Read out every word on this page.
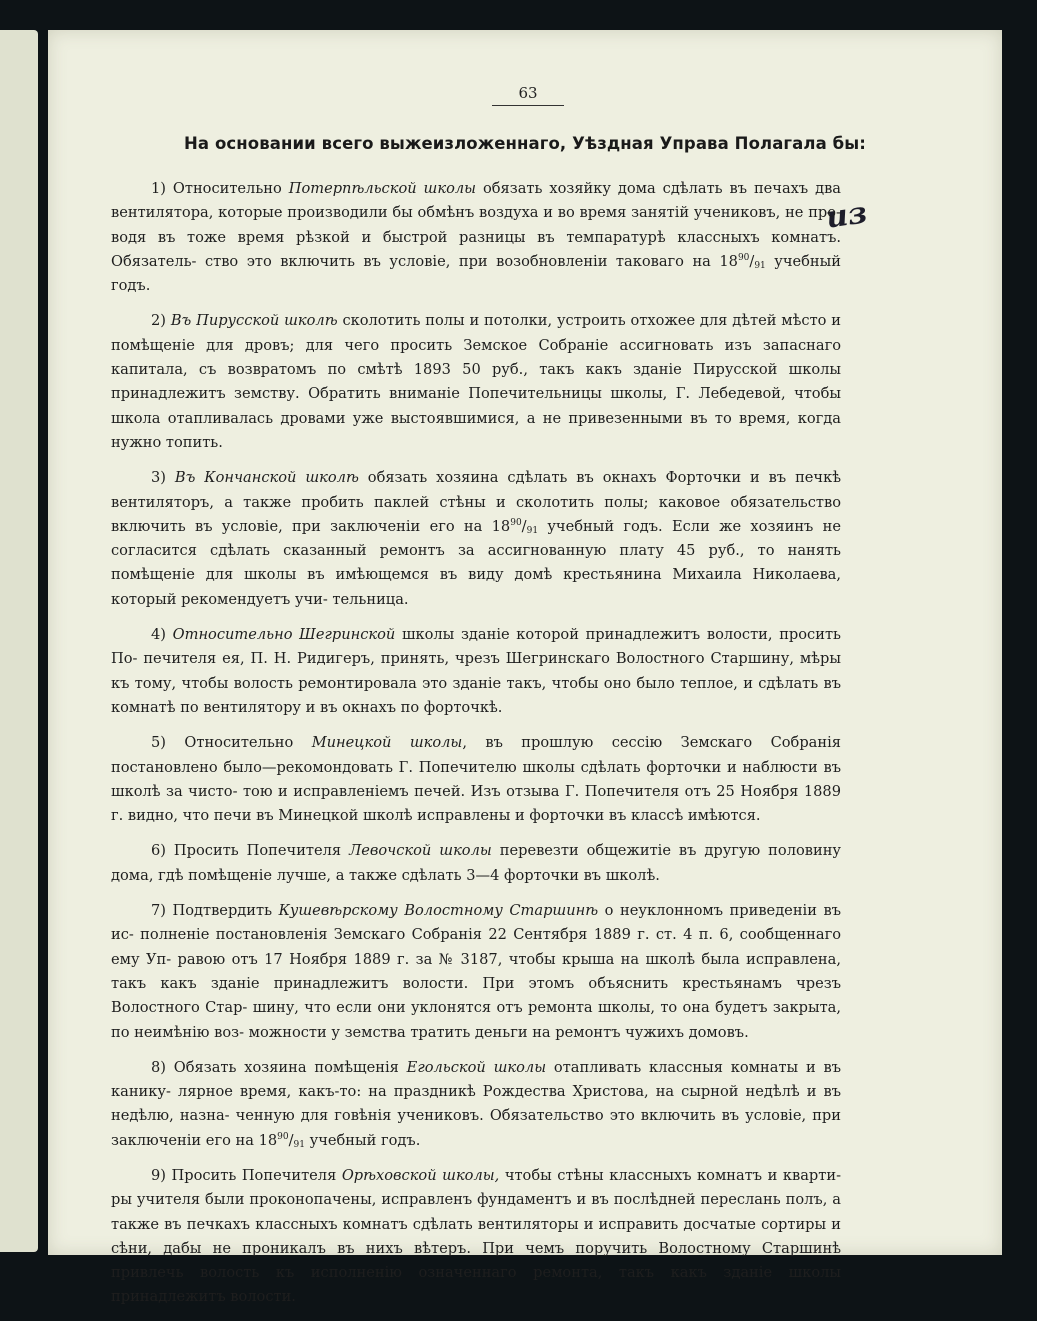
63
На основании всего выжеизложеннаго, Уѣздная Управа Полагала бы:
из

1) Относительно Потерпѣльской школы обязать хозяйку дома сдѣлать въ печахъ два вентилятора, которые производили бы обмѣнъ воздуха и во время занятій учениковъ, не про- водя въ тоже время рѣзкой и быстрой разницы въ темпаратурѣ классныхъ комнатъ. Обязатель- ство это включить въ условіе, при возобновленіи таковаго на $18^{90}/_{91}$ учебный годъ.

2) Въ Пирусской школѣ сколотить полы и потолки, устроить отхожее для дѣтей мѣсто и помѣщеніе для дровъ; для чего просить Земское Собраніе ассигновать изъ запаснаго капитала, съ возвратомъ по смѣтѣ 1893 50 руб., такъ какъ зданіе Пирусской школы принадлежитъ земству. Обратить вниманіе Попечительницы школы, Г. Лебедевой, чтобы школа отапливалась дровами уже выстоявшимися, а не привезенными въ то время, когда нужно топить.

3) Въ Кончанской школѣ обязать хозяина сдѣлать въ окнахъ Форточки и въ печкѣ вентиляторъ, а также пробить паклей стѣны и сколотить полы; каковое обязательство включить въ условіе, при заключеніи его на $18^{90}/_{91}$ учебный годъ. Если же хозяинъ не согласится сдѣлать сказанный ремонтъ за ассигнованную плату 45 руб., то нанять помѣщеніе для школы въ имѣющемся въ виду домѣ крестьянина Михаила Николаева, который рекомендуетъ учи- тельница.

4) Относительно Шегринской школы зданіе которой принадлежитъ волости, просить По- печителя ея, П. Н. Ридигеръ, принять, чрезъ Шегринскаго Волостного Старшину, мѣры къ тому, чтобы волость ремонтировала это зданіе такъ, чтобы оно было теплое, и сдѣлать въ комнатѣ по вентилятору и въ окнахъ по форточкѣ.

5) Относительно Минецкой школы, въ прошлую сессію Земскаго Собранія постановлено было—рекомондовать Г. Попечителю школы сдѣлать форточки и наблюсти въ школѣ за чисто- тою и исправленіемъ печей. Изъ отзыва Г. Попечителя отъ 25 Ноября 1889 г. видно, что печи въ Минецкой школѣ исправлены и форточки въ классѣ имѣются.

6) Просить Попечителя Левочской школы перевезти общежитіе въ другую половину дома, гдѣ помѣщеніе лучше, а также сдѣлать 3—4 форточки въ школѣ.

7) Подтвердить Кушевѣрскому Волостному Старшинѣ о неуклонномъ приведеніи въ ис- полненіе постановленія Земскаго Собранія 22 Сентября 1889 г. ст. 4 п. 6, сообщеннаго ему Уп- равою отъ 17 Ноября 1889 г. за № 3187, чтобы крыша на школѣ была исправлена, такъ какъ зданіе принадлежитъ волости. При этомъ объяснить крестьянамъ чрезъ Волостного Стар- шину, что если они уклонятся отъ ремонта школы, то она будетъ закрыта, по неимѣнію воз- можности у земства тратить деньги на ремонтъ чужихъ домовъ.

8) Обязать хозяина помѣщенія Егольской школы отапливать классныя комнаты и въ канику- лярное время, какъ-то: на праздникѣ Рождества Христова, на сырной недѣлѣ и въ недѣлю, назна- ченную для говѣнія учениковъ. Обязательство это включить въ условіе, при заключеніи его на $18^{90}/_{91}$ учебный годъ.

9) Просить Попечителя Орѣховской школы, чтобы стѣны классныхъ комнатъ и кварти- ры учителя были проконопачены, исправленъ фундаментъ и въ послѣдней переслань полъ, а также въ печкахъ классныхъ комнатъ сдѣлать вентиляторы и исправить досчатые сортиры и сѣни, дабы не проникалъ въ нихъ вѣтеръ. При чемъ поручить Волостному Старшинѣ привлечь волость къ исполненію означеннаго ремонта, такъ какъ зданіе школы принадлежитъ волости.
